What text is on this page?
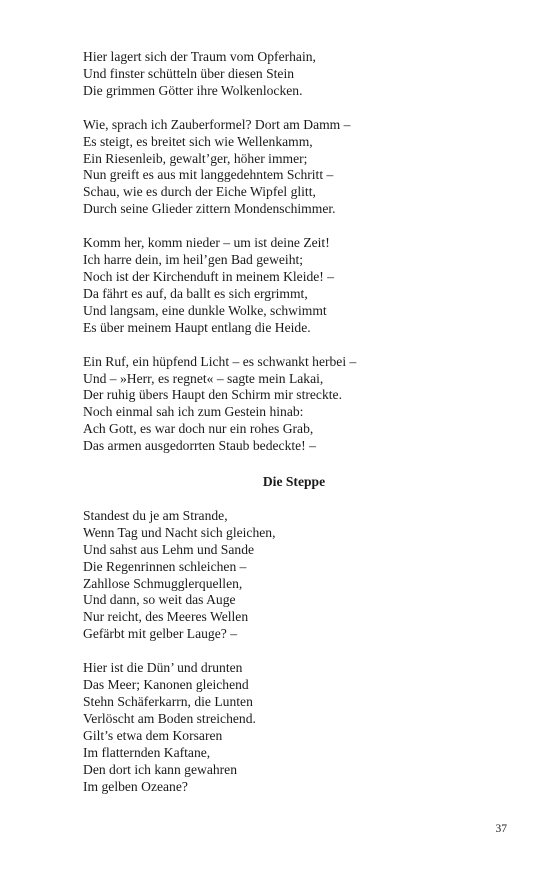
Hier lagert sich der Traum vom Opferhain,
Und finster schütteln über diesen Stein
Die grimmen Götter ihre Wolkenlocken.
Wie, sprach ich Zauberformel? Dort am Damm –
Es steigt, es breitet sich wie Wellenkamm,
Ein Riesenleib, gewalt’ger, höher immer;
Nun greift es aus mit langgedehntem Schritt –
Schau, wie es durch der Eiche Wipfel glitt,
Durch seine Glieder zittern Mondenschimmer.
Komm her, komm nieder – um ist deine Zeit!
Ich harre dein, im heil’gen Bad geweiht;
Noch ist der Kirchenduft in meinem Kleide! –
Da fährt es auf, da ballt es sich ergrimmt,
Und langsam, eine dunkle Wolke, schwimmt
Es über meinem Haupt entlang die Heide.
Ein Ruf, ein hüpfend Licht – es schwankt herbei –
Und – »Herr, es regnet« – sagte mein Lakai,
Der ruhig übers Haupt den Schirm mir streckte.
Noch einmal sah ich zum Gestein hinab:
Ach Gott, es war doch nur ein rohes Grab,
Das armen ausgedorrten Staub bedeckte! –
Die Steppe
Standest du je am Strande,
Wenn Tag und Nacht sich gleichen,
Und sahst aus Lehm und Sande
Die Regenrinnen schleichen –
Zahllose Schmugglerquellen,
Und dann, so weit das Auge
Nur reicht, des Meeres Wellen
Gefärbt mit gelber Lauge? –
Hier ist die Dün’ und drunten
Das Meer; Kanonen gleichend
Stehn Schäferkarrn, die Lunten
Verlöscht am Boden streichend.
Gilt’s etwa dem Korsaren
Im flatternden Kaftane,
Den dort ich kann gewahren
Im gelben Ozeane?
37
